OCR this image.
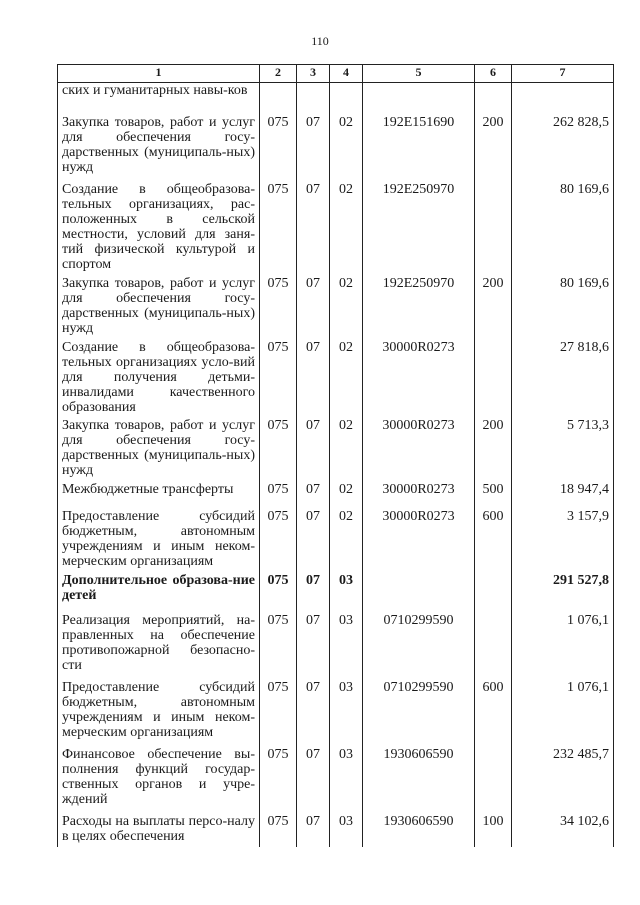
110
1	2	3	4	5	6	7
ских и гуманитарных навы-ков						
Закупка товаров, работ и услуг для обеспечения госу-дарственных (муниципаль-ных) нужд	075	07	02	192E151690	200	262 828,5
Создание в общеобразова-тельных организациях, рас-положенных в сельской местности, условий для заня-тий физической культурой и спортом	075	07	02	192E250970		80 169,6
Закупка товаров, работ и услуг для обеспечения госу-дарственных (муниципаль-ных) нужд	075	07	02	192E250970	200	80 169,6
Создание в общеобразова-тельных организациях усло-вий для получения детьми-инвалидами качественного образования	075	07	02	30000R0273		27 818,6
Закупка товаров, работ и услуг для обеспечения госу-дарственных (муниципаль-ных) нужд	075	07	02	30000R0273	200	5 713,3
Межбюджетные трансферты	075	07	02	30000R0273	500	18 947,4
Предоставление субсидий бюджетным, автономным учреждениям и иным неком-мерческим организациям	075	07	02	30000R0273	600	3 157,9
Дополнительное образова-ние детей	075	07	03			291 527,8
Реализация мероприятий, на-правленных на обеспечение противопожарной безопасно-сти	075	07	03	0710299590		1 076,1
Предоставление субсидий бюджетным, автономным учреждениям и иным неком-мерческим организациям	075	07	03	0710299590	600	1 076,1
Финансовое обеспечение вы-полнения функций государ-ственных органов и учре-ждений	075	07	03	1930606590		232 485,7
Расходы на выплаты персо-налу в целях обеспечения	075	07	03	1930606590	100	34 102,6
